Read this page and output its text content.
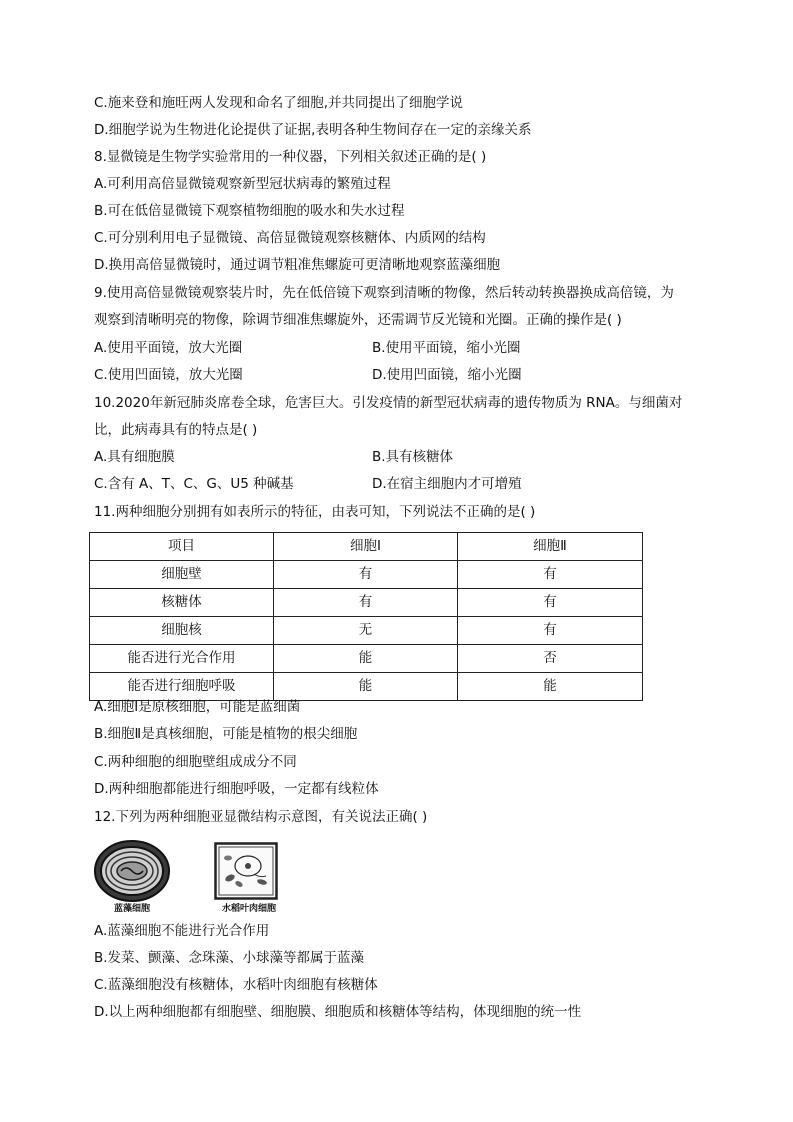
C.施来登和施旺两人发现和命名了细胞,并共同提出了细胞学说
D.细胞学说为生物进化论提供了证据,表明各种生物间存在一定的亲缘关系
8.显微镜是生物学实验常用的一种仪器，下列相关叙述正确的是( )
A.可利用高倍显微镜观察新型冠状病毒的繁殖过程
B.可在低倍显微镜下观察植物细胞的吸水和失水过程
C.可分别利用电子显微镜、高倍显微镜观察核糖体、内质网的结构
D.换用高倍显微镜时，通过调节粗准焦螺旋可更清晰地观察蓝藻细胞
9.使用高倍显微镜观察装片时，先在低倍镜下观察到清晰的物像，然后转动转换器换成高倍镜，为
观察到清晰明亮的物像，除调节细准焦螺旋外，还需调节反光镜和光圈。正确的操作是( )
A.使用平面镜，放大光圈	B.使用平面镜，缩小光圈
C.使用凹面镜，放大光圈	D.使用凹面镜，缩小光圈
10.2020年新冠肺炎席卷全球，危害巨大。引发疫情的新型冠状病毒的遗传物质为 RNA。与细菌对
比，此病毒具有的特点是( )
A.具有细胞膜	B.具有核糖体
C.含有 A、T、C、G、U5 种碱基	D.在宿主细胞内才可增殖
11.两种细胞分别拥有如表所示的特征，由表可知，下列说法不正确的是( )
项目	细胞Ⅰ	细胞Ⅱ
细胞壁	有	有
核糖体	有	有
细胞核	无	有
能否进行光合作用	能	否
能否进行细胞呼吸	能	能
A.细胞Ⅰ是原核细胞，可能是蓝细菌
B.细胞Ⅱ是真核细胞，可能是植物的根尖细胞
C.两种细胞的细胞壁组成成分不同
D.两种细胞都能进行细胞呼吸，一定都有线粒体
12.下列为两种细胞亚显微结构示意图，有关说法正确( )
蓝藻细胞	水稻叶肉细胞
A.蓝藻细胞不能进行光合作用
B.发菜、颤藻、念珠藻、小球藻等都属于蓝藻
C.蓝藻细胞没有核糖体，水稻叶肉细胞有核糖体
D.以上两种细胞都有细胞壁、细胞膜、细胞质和核糖体等结构，体现细胞的统一性
